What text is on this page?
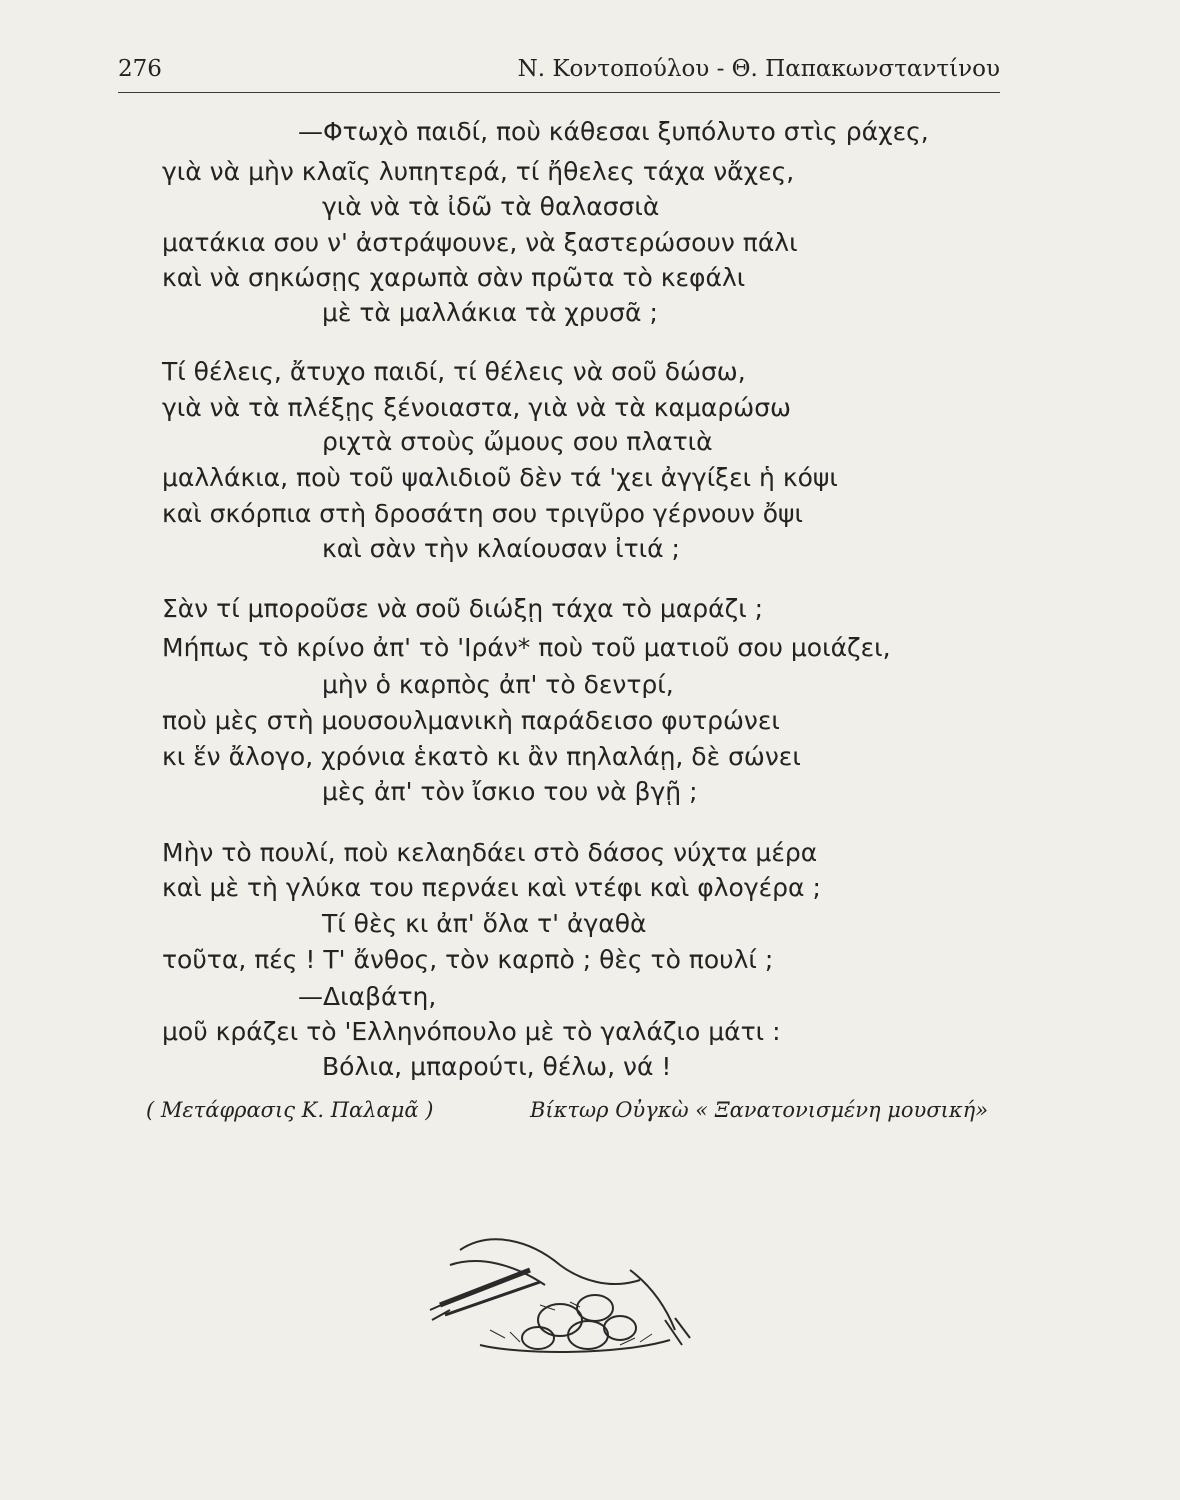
276	Ν. Κοντοπούλου - Θ. Παπακωνσταντίνου
—Φτωχὸ παιδί, ποὺ κάθεσαι ξυπόλυτο στὶς ράχες,
γιὰ νὰ μὴν κλαῖς λυπητερά, τί ἤθελες τάχα νἄχες,
γιὰ νὰ τὰ ἰδῶ τὰ θαλασσιὰ
ματάκια σου ν' ἀστράψουνε, νὰ ξαστερώσουν πάλι
καὶ νὰ σηκώσῃς χαρωπὰ σὰν πρῶτα τὸ κεφάλι
μὲ τὰ μαλλάκια τὰ χρυσᾶ ;
Τί θέλεις, ἄτυχο παιδί, τί θέλεις νὰ σοῦ δώσω,
γιὰ νὰ τὰ πλέξῃς ξένοιαστα, γιὰ νὰ τὰ καμαρώσω
ριχτὰ στοὺς ὤμους σου πλατιὰ
μαλλάκια, ποὺ τοῦ ψαλιδιοῦ δὲν τά 'χει ἀγγίξει ἡ κόψι
καὶ σκόρπια στὴ δροσάτη σου τριγῦρο γέρνουν ὄψι
καὶ σὰν τὴν κλαίουσαν ἰτιά ;
Σὰν τί μποροῦσε νὰ σοῦ διώξῃ τάχα τὸ μαράζι ;
Μήπως τὸ κρίνο ἀπ' τὸ 'Ιράν* ποὺ τοῦ ματιοῦ σου μοιάζει,
μὴν ὁ καρπὸς ἀπ' τὸ δεντρί,
ποὺ μὲς στὴ μουσουλμανικὴ παράδεισο φυτρώνει
κι ἕν ἄλογο, χρόνια ἑκατὸ κι ἂν πηλαλάῃ, δὲ σώνει
μὲς ἀπ' τὸν ἴσκιο του νὰ βγῇ ;
Μὴν τὸ πουλί, ποὺ κελαηδάει στὸ δάσος νύχτα μέρα
καὶ μὲ τὴ γλύκα του περνάει καὶ ντέφι καὶ φλογέρα ;
Τί θὲς κι ἀπ' ὅλα τ' ἀγαθὰ
τοῦτα, πές ! Τ' ἄνθος, τὸν καρπὸ ; θὲς τὸ πουλί ;
—Διαβάτη,
μοῦ κράζει τὸ 'Ελληνόπουλο μὲ τὸ γαλάζιο μάτι :
Βόλια, μπαρούτι, θέλω, νά !
( Μετάφρασις Κ. Παλαμᾶ )	Βίκτωρ Οὐγκὼ « Ξανατονισμένη μουσική»
